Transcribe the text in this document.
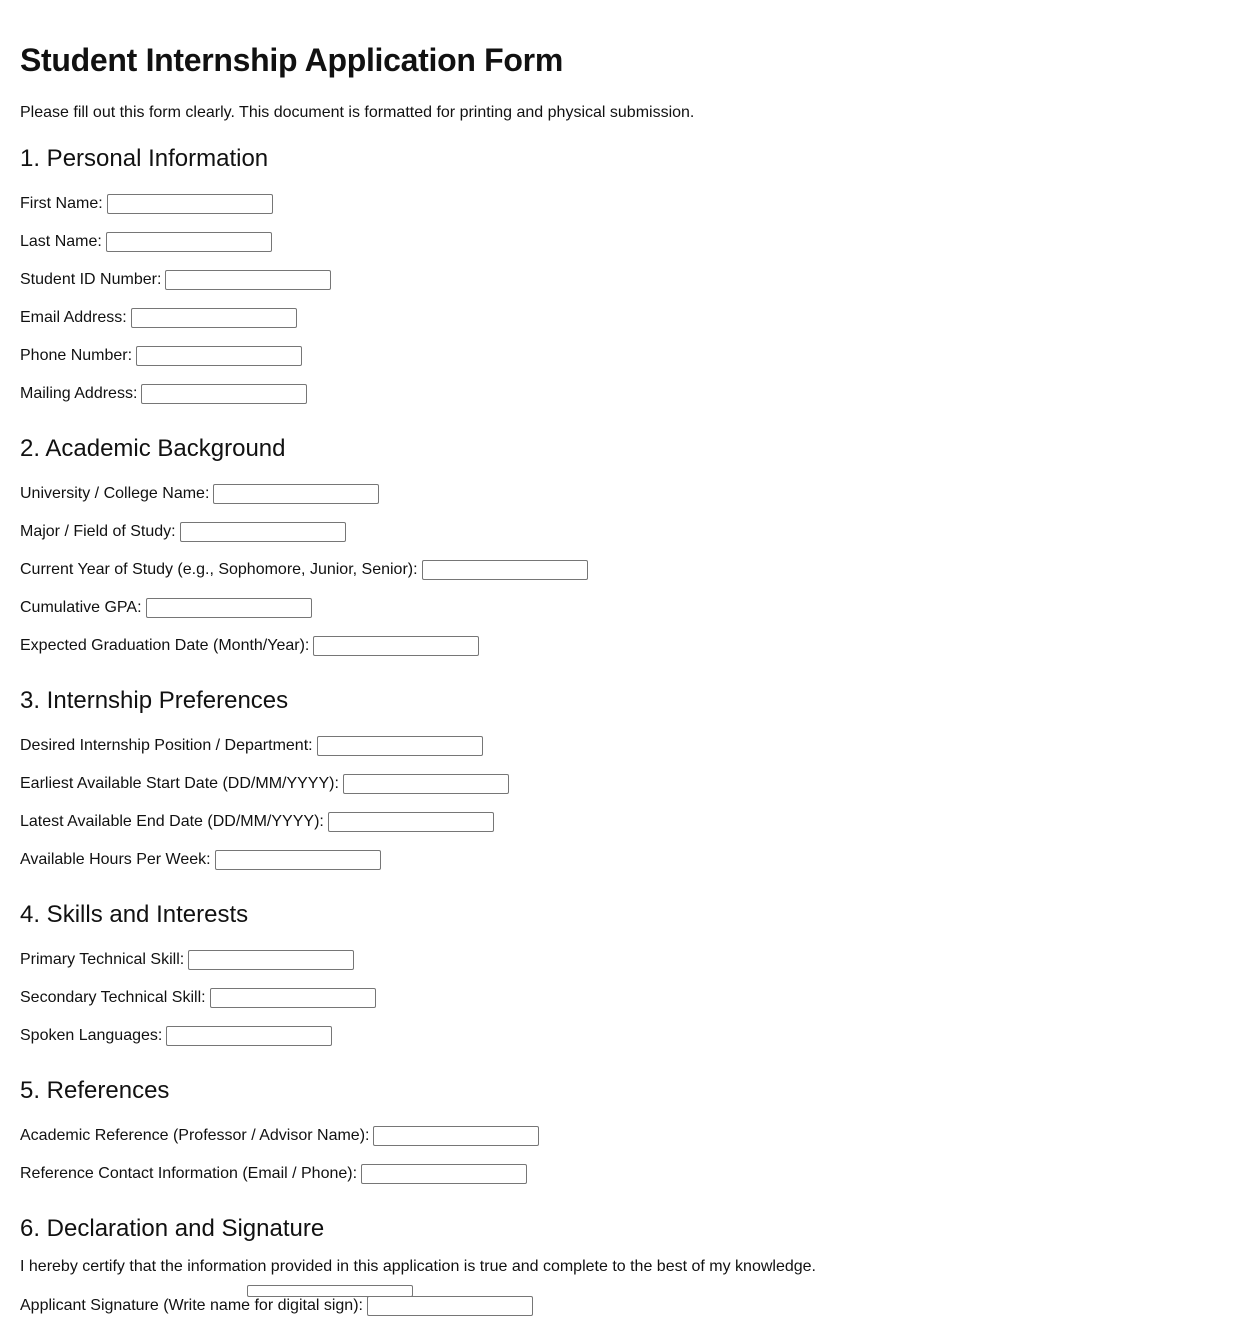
Student Internship Application Form

Please fill out this form clearly. This document is formatted for printing and physical submission.

1. Personal Information
First Name:
Last Name:
Student ID Number:
Email Address:
Phone Number:
Mailing Address:
2. Academic Background
University / College Name:
Major / Field of Study:
Current Year of Study (e.g., Sophomore, Junior, Senior):
Cumulative GPA:
Expected Graduation Date (Month/Year):
3. Internship Preferences
Desired Internship Position / Department:
Earliest Available Start Date (DD/MM/YYYY):
Latest Available End Date (DD/MM/YYYY):
Available Hours Per Week:
4. Skills and Interests
Primary Technical Skill:
Secondary Technical Skill:
Spoken Languages:
5. References
Academic Reference (Professor / Advisor Name):
Reference Contact Information (Email / Phone):
6. Declaration and Signature

I hereby certify that the information provided in this application is true and complete to the best of my knowledge.

Applicant Signature (Write name for digital sign):
